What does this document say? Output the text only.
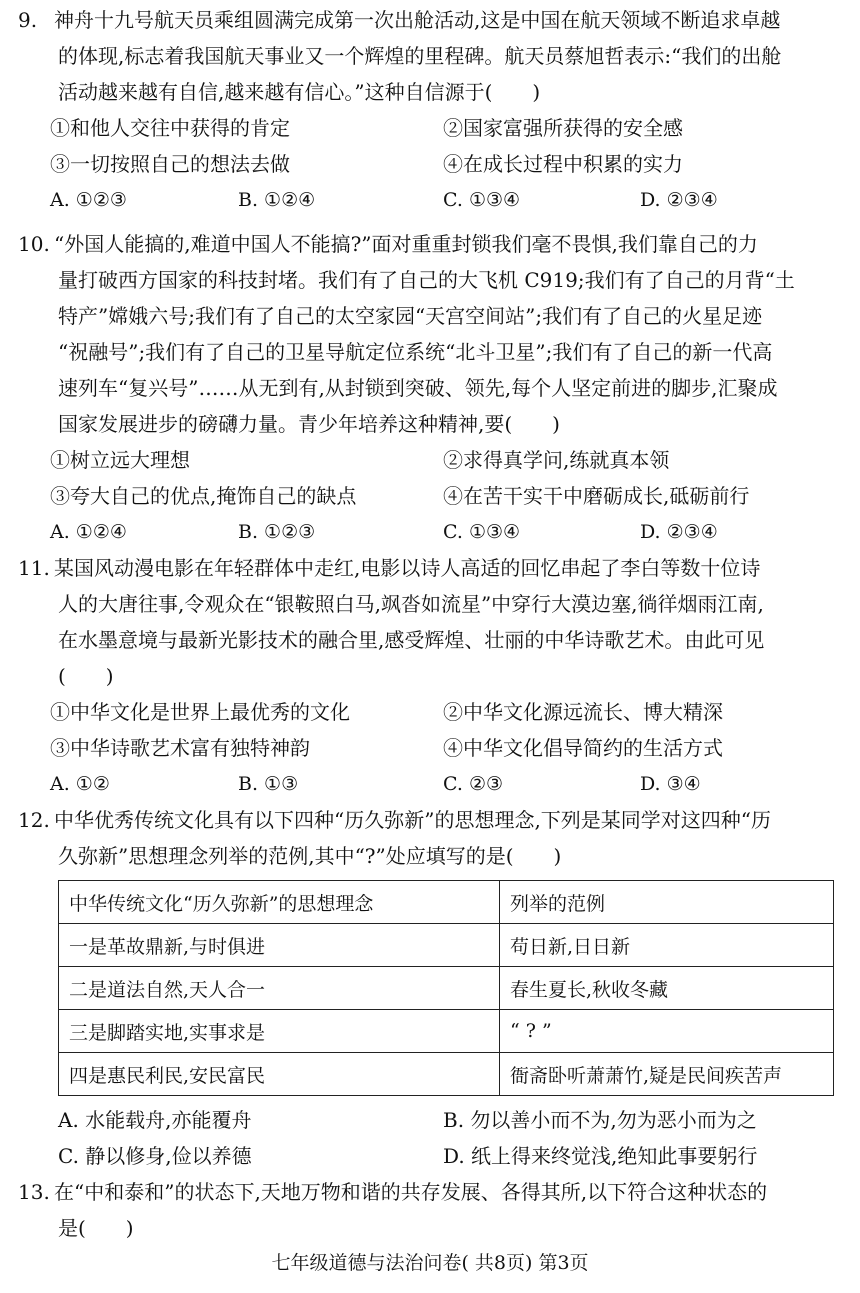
9. 神舟十九号航天员乘组圆满完成第一次出舱活动,这是中国在航天领域不断追求卓越
的体现,标志着我国航天事业又一个辉煌的里程碑。航天员蔡旭哲表示:“我们的出舱
活动越来越有自信,越来越有信心。”这种自信源于(　　)
①和他人交往中获得的肯定	②国家富强所获得的安全感
③一切按照自己的想法去做	④在成长过程中积累的实力
A. ①②③	B. ①②④	C. ①③④	D. ②③④
10. “外国人能搞的,难道中国人不能搞?”面对重重封锁我们毫不畏惧,我们靠自己的力
量打破西方国家的科技封堵。我们有了自己的大飞机 C919;我们有了自己的月背“土
特产”嫦娥六号;我们有了自己的太空家园“天宫空间站”;我们有了自己的火星足迹
“祝融号”;我们有了自己的卫星导航定位系统“北斗卫星”;我们有了自己的新一代高
速列车“复兴号”……从无到有,从封锁到突破、领先,每个人坚定前进的脚步,汇聚成
国家发展进步的磅礴力量。青少年培养这种精神,要(　　)
①树立远大理想	②求得真学问,练就真本领
③夸大自己的优点,掩饰自己的缺点	④在苦干实干中磨砺成长,砥砺前行
A. ①②④	B. ①②③	C. ①③④	D. ②③④
11. 某国风动漫电影在年轻群体中走红,电影以诗人高适的回忆串起了李白等数十位诗
人的大唐往事,令观众在“银鞍照白马,飒沓如流星”中穿行大漠边塞,徜徉烟雨江南,
在水墨意境与最新光影技术的融合里,感受辉煌、壮丽的中华诗歌艺术。由此可见
(　　)
①中华文化是世界上最优秀的文化	②中华文化源远流长、博大精深
③中华诗歌艺术富有独特神韵	④中华文化倡导简约的生活方式
A. ①②	B. ①③	C. ②③	D. ③④
12. 中华优秀传统文化具有以下四种“历久弥新”的思想理念,下列是某同学对这四种“历
久弥新”思想理念列举的范例,其中“?”处应填写的是(　　)
中华传统文化“历久弥新”的思想理念	列举的范例
一是革故鼎新,与时俱进	苟日新,日日新
二是道法自然,天人合一	春生夏长,秋收冬藏
三是脚踏实地,实事求是	“ ? ”
四是惠民利民,安民富民	衙斋卧听萧萧竹,疑是民间疾苦声
A. 水能载舟,亦能覆舟	B. 勿以善小而不为,勿为恶小而为之
C. 静以修身,俭以养德	D. 纸上得来终觉浅,绝知此事要躬行
13. 在“中和泰和”的状态下,天地万物和谐的共存发展、各得其所,以下符合这种状态的
是(　　)
七年级道德与法治问卷( 共8页) 第3页
